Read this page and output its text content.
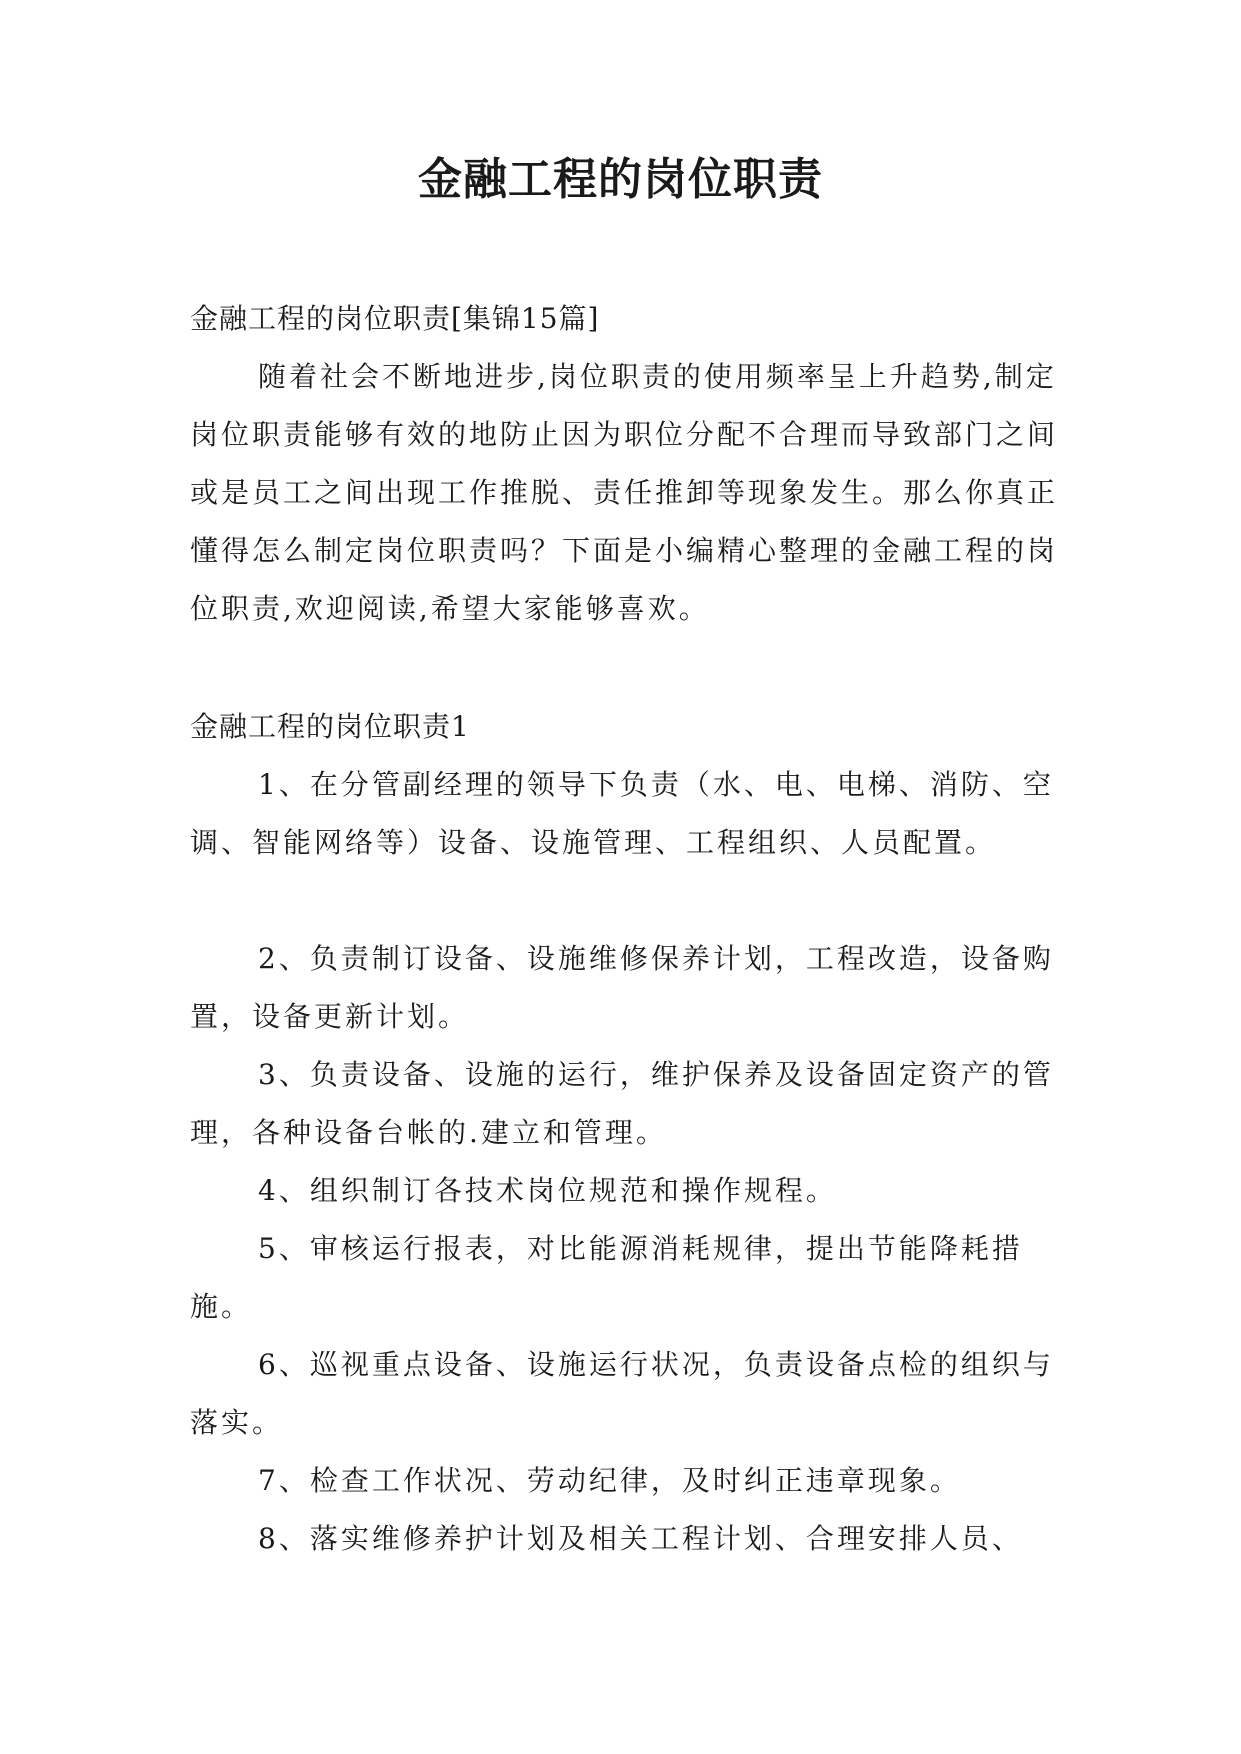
金融工程的岗位职责
金融工程的岗位职责[集锦15篇]

随着社会不断地进步,岗位职责的使用频率呈上升趋势,制定岗位职责能够有效的地防止因为职位分配不合理而导致部门之间或是员工之间出现工作推脱、责任推卸等现象发生。那么你真正懂得怎么制定岗位职责吗？下面是小编精心整理的金融工程的岗位职责,欢迎阅读,希望大家能够喜欢。

金融工程的岗位职责1
1、在分管副经理的领导下负责（水、电、电梯、消防、空调、智能网络等）设备、设施管理、工程组织、人员配置。
2、负责制订设备、设施维修保养计划，工程改造，设备购置，设备更新计划。
3、负责设备、设施的运行，维护保养及设备固定资产的管理，各种设备台帐的.建立和管理。
4、组织制订各技术岗位规范和操作规程。
5、审核运行报表，对比能源消耗规律，提出节能降耗措施。
6、巡视重点设备、设施运行状况，负责设备点检的组织与落实。
7、检查工作状况、劳动纪律，及时纠正违章现象。
8、落实维修养护计划及相关工程计划、合理安排人员、
